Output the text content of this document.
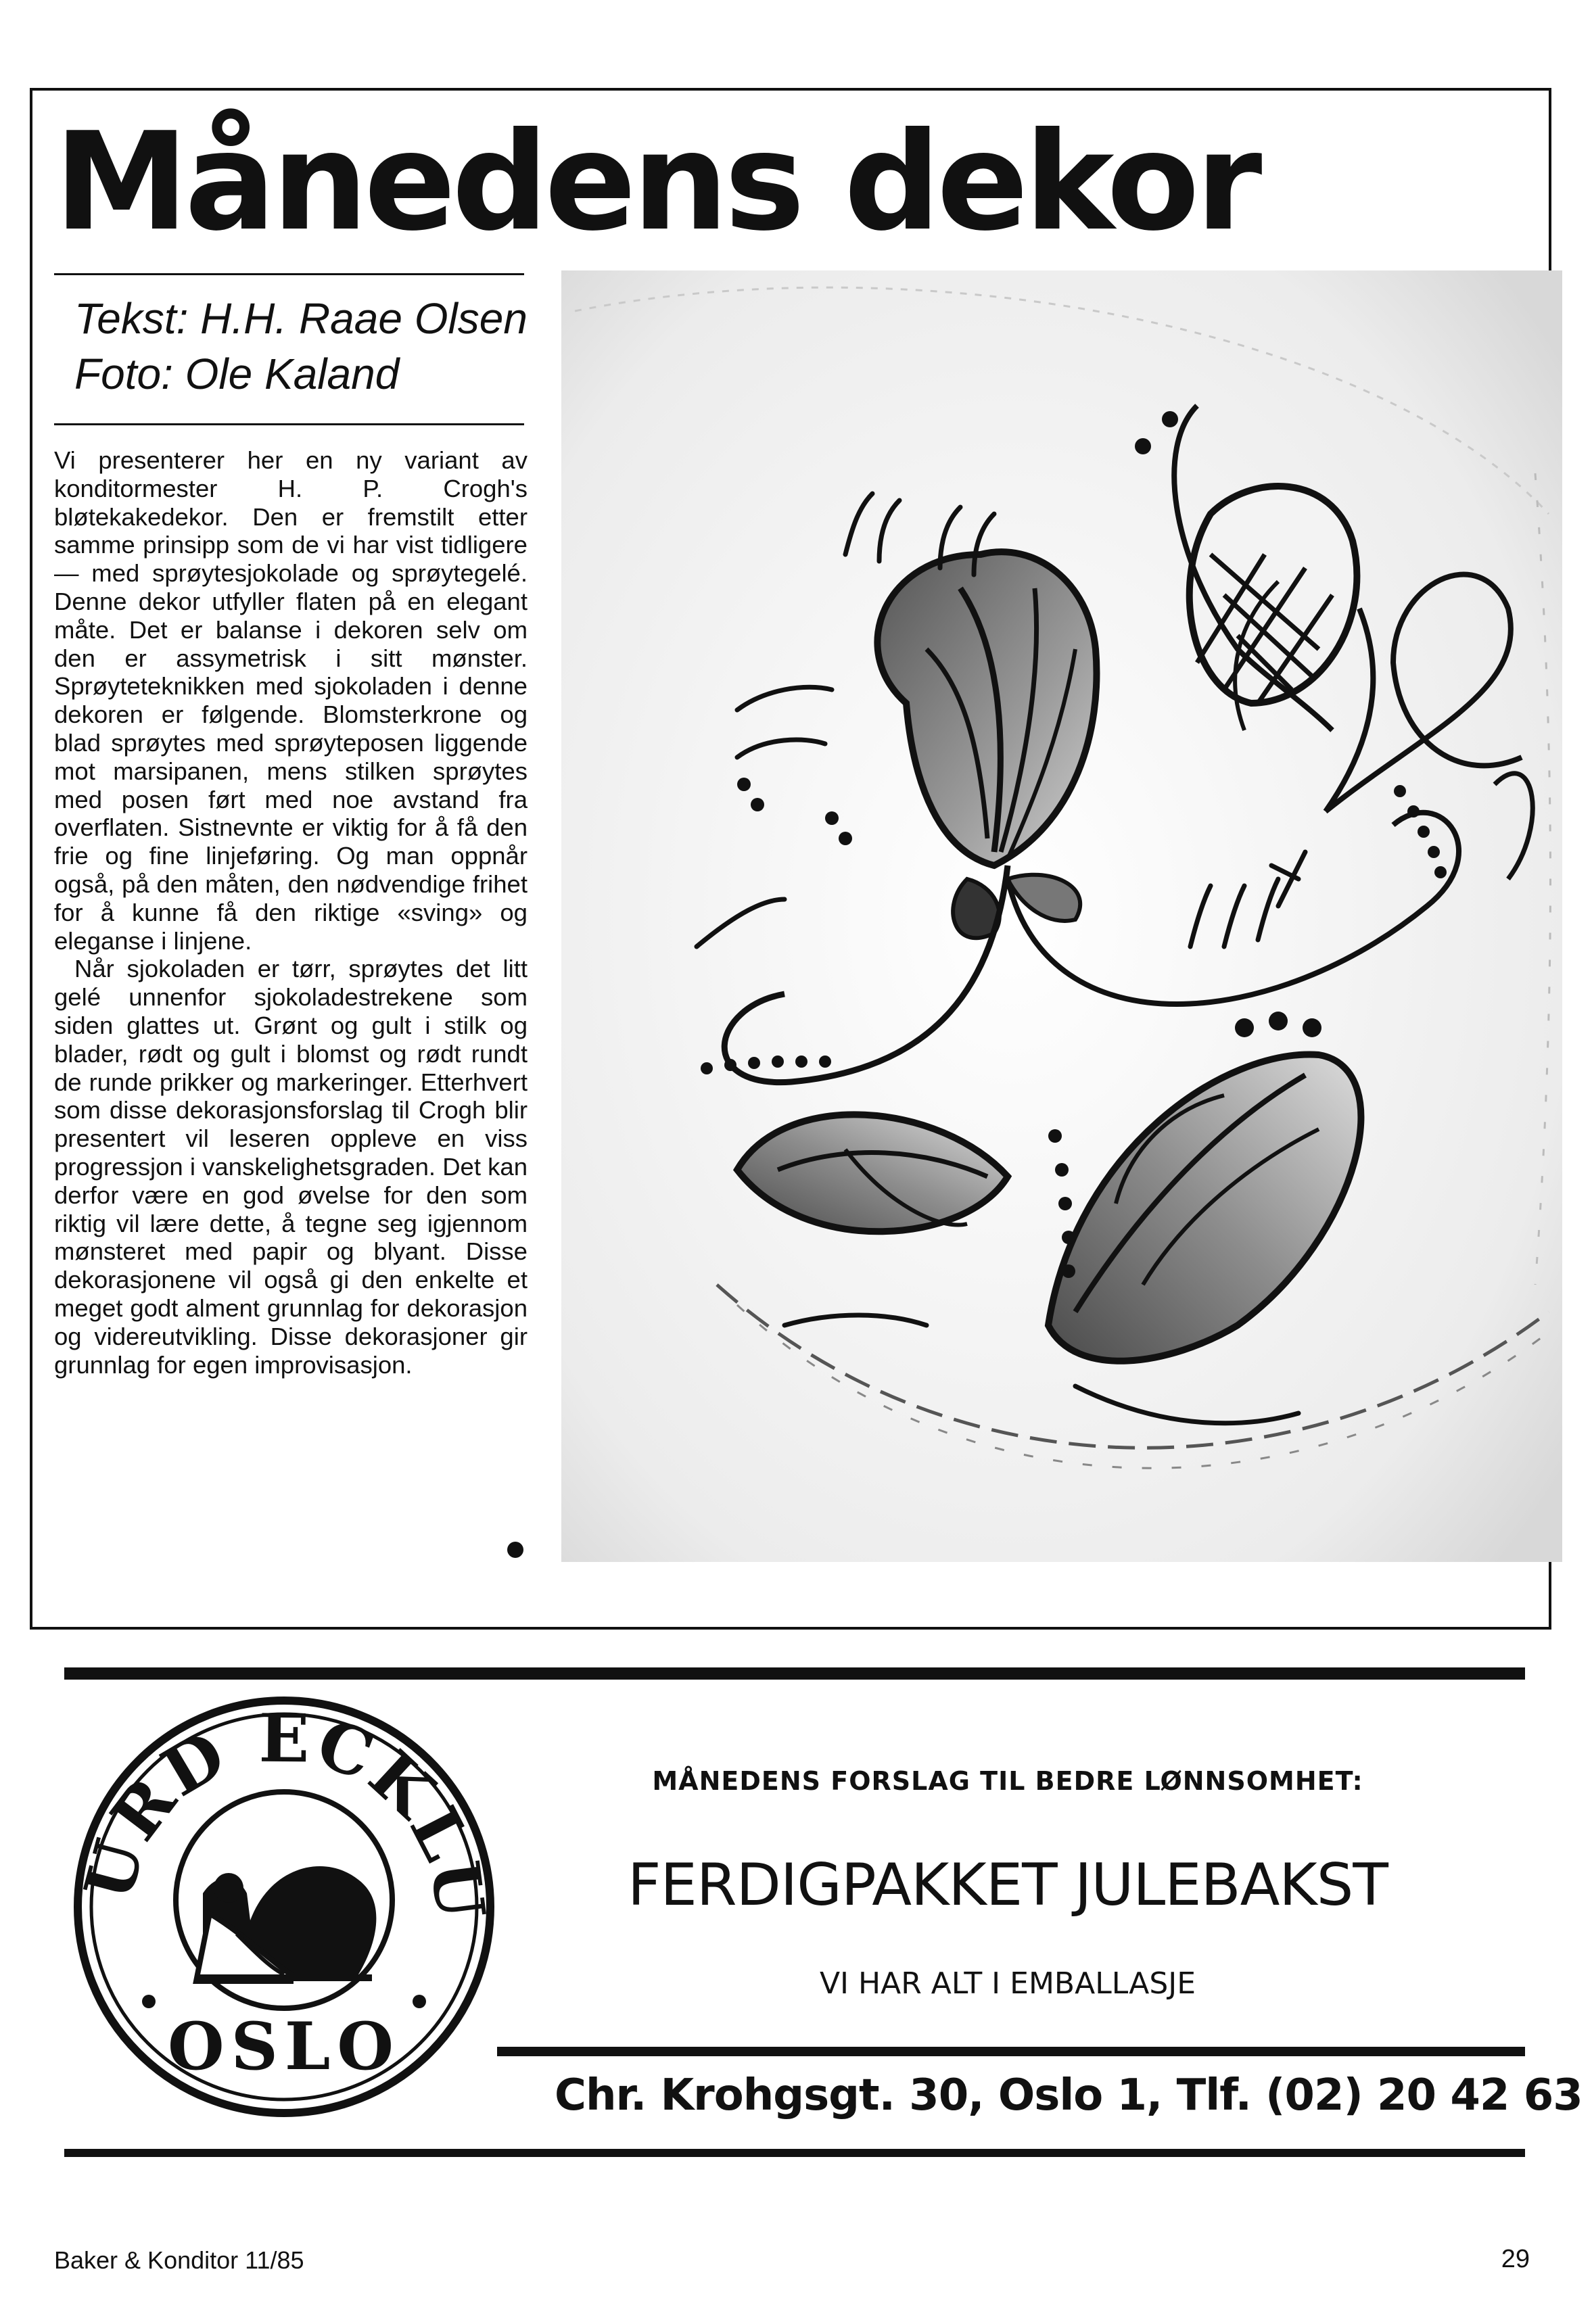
Månedens dekor
Tekst: H.H. Raae Olsen
Foto: Ole Kaland

Vi presenterer her en ny variant av konditormester H. P. Crogh's bløtekakedekor. Den er fremstilt etter samme prinsipp som de vi har vist tidligere — med sprøytesjokolade og sprøytegelé. Denne dekor utfyller flaten på en elegant måte. Det er balanse i dekoren selv om den er assymetrisk i sitt mønster. Sprøyteteknikken med sjokoladen i denne dekoren er følgende. Blomsterkrone og blad sprøytes med sprøyteposen liggende mot marsipanen, mens stilken sprøytes med posen ført med noe avstand fra overflaten. Sistnevnte er viktig for å få den frie og fine linjeføring. Og man oppnår også, på den måten, den nødvendige frihet for å kunne få den riktige «sving» og eleganse i linjene.

Når sjokoladen er tørr, sprøytes det litt gelé unnenfor sjokoladestrekene som siden glattes ut. Grønt og gult i stilk og blader, rødt og gult i blomst og rødt rundt de runde prikker og markeringer. Etterhvert som disse dekorasjonsforslag til Crogh blir presentert vil leseren oppleve en viss progressjon i vanskelighetsgraden. Det kan derfor være en god øvelse for den som riktig vil lære dette, å tegne seg igjennom mønsteret med papir og blyant. Disse dekorasjonene vil også gi den enkelte et meget godt alment grunnlag for dekorasjon og videreutvikling. Disse dekorasjoner gir grunnlag for egen improvisasjon.

URD ECKLU
OSLO
MÅNEDENS FORSLAG TIL BEDRE LØNNSOMHET:
FERDIGPAKKET JULEBAKST
VI HAR ALT I EMBALLASJE
Chr. Krohgsgt. 30, Oslo 1, Tlf. (02) 20 42 63
Baker & Konditor 11/85	29
